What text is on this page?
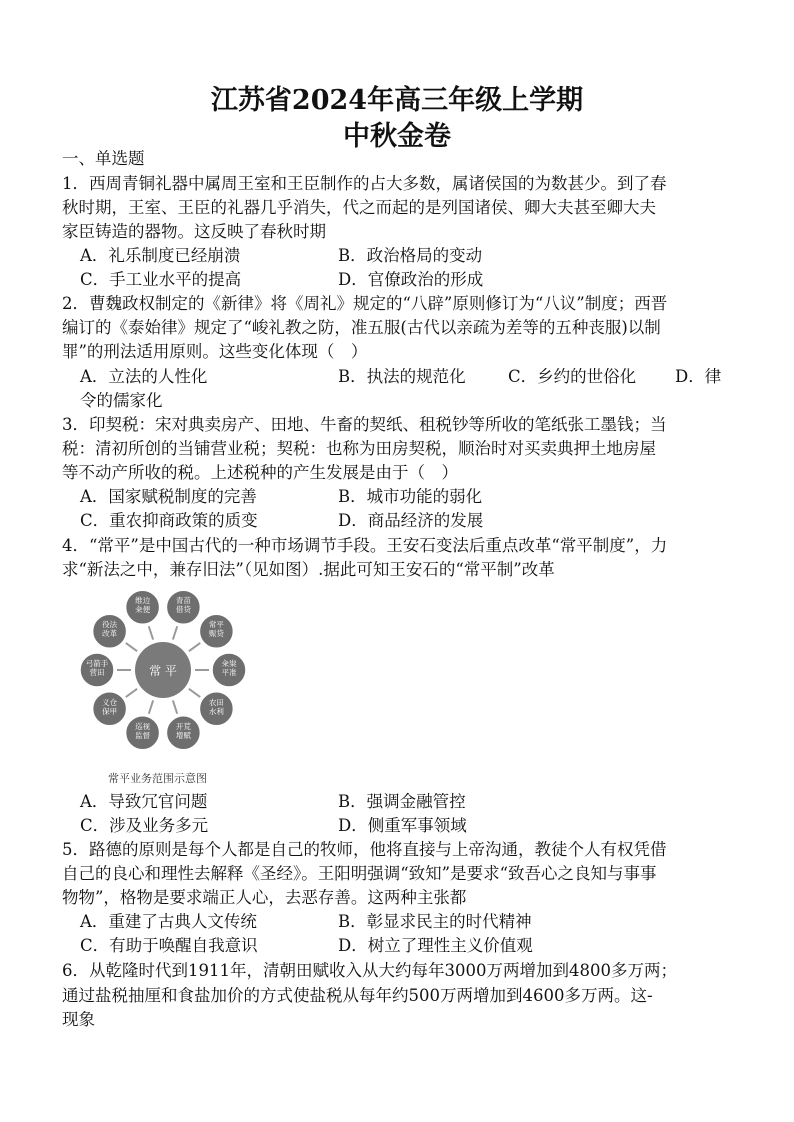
江苏省2024年高三年级上学期
中秋金卷
一、单选题
1．西周青铜礼器中属周王室和王臣制作的占大多数，属诸侯国的为数甚少。到了春
秋时期，王室、王臣的礼器几乎消失，代之而起的是列国诸侯、卿大夫甚至卿大夫
家臣铸造的器物。这反映了春秋时期
A．礼乐制度已经崩溃	B．政治格局的变动
C．手工业水平的提高	D．官僚政治的形成
2．曹魏政权制定的《新律》将《周礼》规定的“八辟”原则修订为“八议”制度；西晋
编订的《泰始律》规定了“峻礼教之防，准五服(古代以亲疏为差等的五种丧服)以制
罪”的刑法适用原则。这些变化体现（　）
A．立法的人性化	B．执法的规范化	C．乡约的世俗化 D．律
令的儒家化
3．印契税：宋对典卖房产、田地、牛畜的契纸、租税钞等所收的笔纸张工墨钱；当
税：清初所创的当铺营业税；契税：也称为田房契税，顺治时对买卖典押土地房屋
等不动产所收的税。上述税种的产生发展是由于（　）
A．国家赋税制度的完善	B．城市功能的弱化
C．重农抑商政策的质变	D．商品经济的发展
4．“常平”是中国古代的一种市场调节手段。王安石变法后重点改革“常平制度”，力
求“新法之中，兼存旧法”（见如图）.据此可知王安石的“常平制”改革
青苗
借贷
常平
赈贷
籴粜
平准
农田
水利
开荒
增赋
巡视
监督
义仓
保甲
弓箭手
营田
役法
改革
维边
籴便
常 平
常平业务范围示意图
A．导致冗官问题	B．强调金融管控
C．涉及业务多元	D．侧重军事领域
5．路德的原则是每个人都是自己的牧师，他将直接与上帝沟通，教徒个人有权凭借
自己的良心和理性去解释《圣经》。王阳明强调“致知”是要求“致吾心之良知与事事
物物”，格物是要求端正人心，去恶存善。这两种主张都
A．重建了古典人文传统	B．彰显求民主的时代精神
C．有助于唤醒自我意识	D．树立了理性主义价值观
6．从乾隆时代到1911年，清朝田赋收入从大约每年3000万两增加到4800多万两；
通过盐税抽厘和食盐加价的方式使盐税从每年约500万两增加到4600多万两。这-
现象
